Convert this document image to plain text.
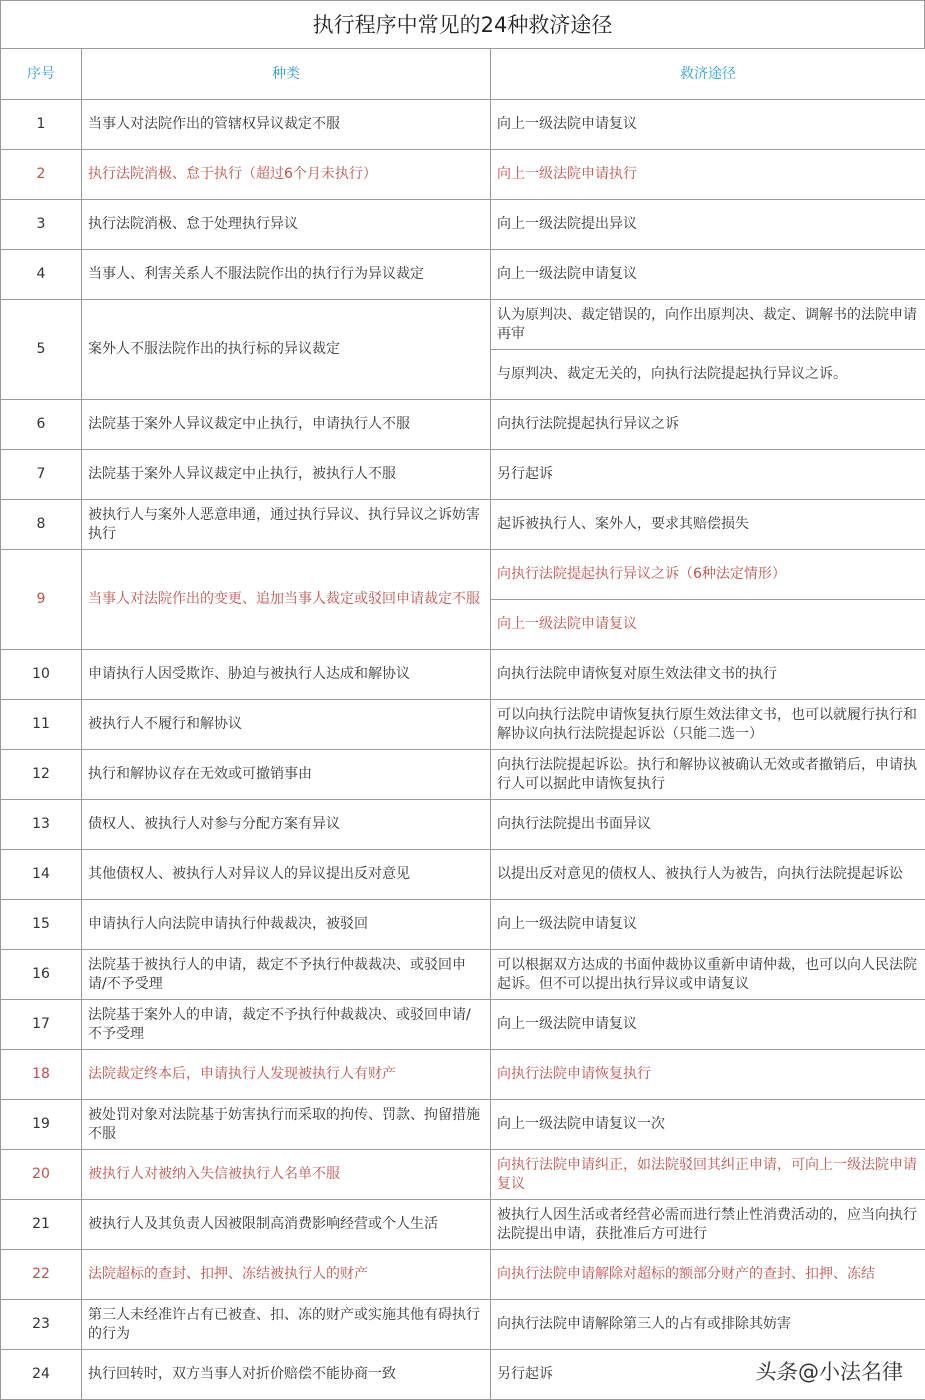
执行程序中常见的24种救济途径
序号	种类	救济途径
1	当事人对法院作出的管辖权异议裁定不服	向上一级法院申请复议
2	执行法院消极、怠于执行（超过6个月未执行）	向上一级法院申请执行
3	执行法院消极、怠于处理执行异议	向上一级法院提出异议
4	当事人、利害关系人不服法院作出的执行行为异议裁定	向上一级法院申请复议
5	案外人不服法院作出的执行标的异议裁定	认为原判决、裁定错误的，向作出原判决、裁定、调解书的法院申请再审
		与原判决、裁定无关的，向执行法院提起执行异议之诉。
6	法院基于案外人异议裁定中止执行，申请执行人不服	向执行法院提起执行异议之诉
7	法院基于案外人异议裁定中止执行，被执行人不服	另行起诉
8	被执行人与案外人恶意串通，通过执行异议、执行异议之诉妨害执行	起诉被执行人、案外人，要求其赔偿损失
9	当事人对法院作出的变更、追加当事人裁定或驳回申请裁定不服	向执行法院提起执行异议之诉（6种法定情形）
		向上一级法院申请复议
10	申请执行人因受欺诈、胁迫与被执行人达成和解协议	向执行法院申请恢复对原生效法律文书的执行
11	被执行人不履行和解协议	可以向执行法院申请恢复执行原生效法律文书，也可以就履行执行和解协议向执行法院提起诉讼（只能二选一）
12	执行和解协议存在无效或可撤销事由	向执行法院提起诉讼。执行和解协议被确认无效或者撤销后，申请执行人可以据此申请恢复执行
13	债权人、被执行人对参与分配方案有异议	向执行法院提出书面异议
14	其他债权人、被执行人对异议人的异议提出反对意见	以提出反对意见的债权人、被执行人为被告，向执行法院提起诉讼
15	申请执行人向法院申请执行仲裁裁决，被驳回	向上一级法院申请复议
16	法院基于被执行人的申请，裁定不予执行仲裁裁决、或驳回申请/不予受理	可以根据双方达成的书面仲裁协议重新申请仲裁，也可以向人民法院起诉。但不可以提出执行异议或申请复议
17	法院基于案外人的申请，裁定不予执行仲裁裁决、或驳回申请/不予受理	向上一级法院申请复议
18	法院裁定终本后，申请执行人发现被执行人有财产	向执行法院申请恢复执行
19	被处罚对象对法院基于妨害执行而采取的拘传、罚款、拘留措施不服	向上一级法院申请复议一次
20	被执行人对被纳入失信被执行人名单不服	向执行法院申请纠正，如法院驳回其纠正申请，可向上一级法院申请复议
21	被执行人及其负责人因被限制高消费影响经营或个人生活	被执行人因生活或者经营必需而进行禁止性消费活动的，应当向执行法院提出申请，获批准后方可进行
22	法院超标的查封、扣押、冻结被执行人的财产	向执行法院申请解除对超标的额部分财产的查封、扣押、冻结
23	第三人未经准许占有已被查、扣、冻的财产或实施其他有碍执行的行为	向执行法院申请解除第三人的占有或排除其妨害
24	执行回转时，双方当事人对折价赔偿不能协商一致	另行起诉	头条@小法名律
